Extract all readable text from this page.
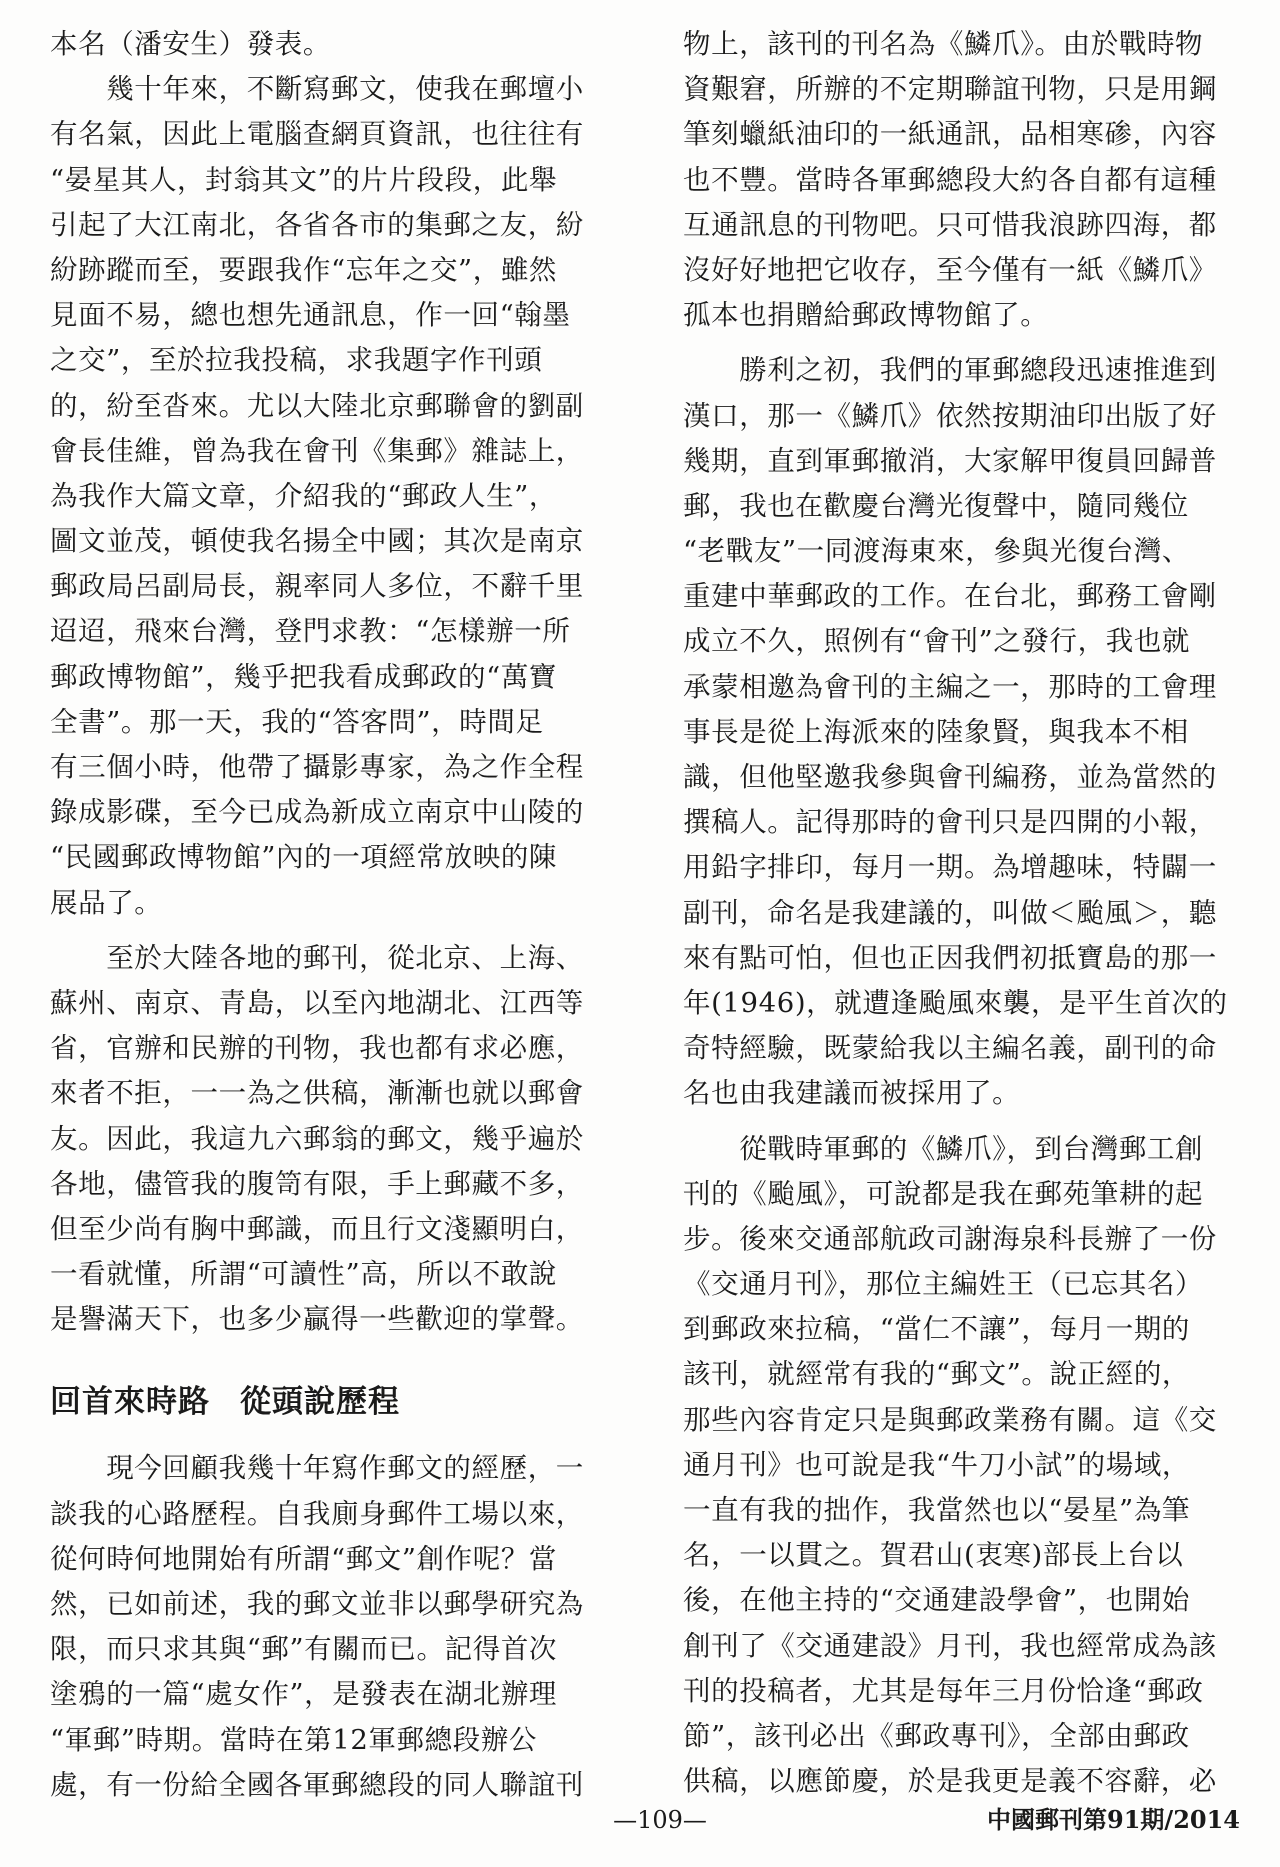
本名（潘安生）發表。
　　幾十年來，不斷寫郵文，使我在郵壇小
有名氣，因此上電腦查網頁資訊，也往往有
“晏星其人，封翁其文”的片片段段，此舉
引起了大江南北，各省各市的集郵之友，紛
紛跡蹤而至，要跟我作“忘年之交”，雖然
見面不易，總也想先通訊息，作一回“翰墨
之交”，至於拉我投稿，求我題字作刊頭
的，紛至沓來。尤以大陸北京郵聯會的劉副
會長佳維，曾為我在會刊《集郵》雜誌上，
為我作大篇文章，介紹我的“郵政人生”，
圖文並茂，頓使我名揚全中國；其次是南京
郵政局呂副局長，親率同人多位，不辭千里
迢迢，飛來台灣，登門求教：“怎樣辦一所
郵政博物館”，幾乎把我看成郵政的“萬寶
全書”。那一天，我的“答客問”，時間足
有三個小時，他帶了攝影專家，為之作全程
錄成影碟，至今已成為新成立南京中山陵的
“民國郵政博物館”內的一項經常放映的陳
展品了。
　　至於大陸各地的郵刊，從北京、上海、
蘇州、南京、青島，以至內地湖北、江西等
省，官辦和民辦的刊物，我也都有求必應，
來者不拒，一一為之供稿，漸漸也就以郵會
友。因此，我這九六郵翁的郵文，幾乎遍於
各地，儘管我的腹笥有限，手上郵藏不多，
但至少尚有胸中郵識，而且行文淺顯明白，
一看就懂，所謂“可讀性”高，所以不敢說
是譽滿天下，也多少贏得一些歡迎的掌聲。
回首來時路 從頭說歷程
　　現今回顧我幾十年寫作郵文的經歷，一
談我的心路歷程。自我廁身郵件工場以來，
從何時何地開始有所謂“郵文”創作呢？當
然，已如前述，我的郵文並非以郵學研究為
限，而只求其與“郵”有關而已。記得首次
塗鴉的一篇“處女作”，是發表在湖北辦理
“軍郵”時期。當時在第12軍郵總段辦公
處，有一份給全國各軍郵總段的同人聯誼刊
物上，該刊的刊名為《鱗爪》。由於戰時物
資艱窘，所辦的不定期聯誼刊物，只是用鋼
筆刻蠟紙油印的一紙通訊，品相寒碜，內容
也不豐。當時各軍郵總段大約各自都有這種
互通訊息的刊物吧。只可惜我浪跡四海，都
沒好好地把它收存，至今僅有一紙《鱗爪》
孤本也捐贈給郵政博物館了。
　　勝利之初，我們的軍郵總段迅速推進到
漢口，那一《鱗爪》依然按期油印出版了好
幾期，直到軍郵撤消，大家解甲復員回歸普
郵，我也在歡慶台灣光復聲中，隨同幾位
“老戰友”一同渡海東來，參與光復台灣、
重建中華郵政的工作。在台北，郵務工會剛
成立不久，照例有“會刊”之發行，我也就
承蒙相邀為會刊的主編之一，那時的工會理
事長是從上海派來的陸象賢，與我本不相
識，但他堅邀我參與會刊編務，並為當然的
撰稿人。記得那時的會刊只是四開的小報，
用鉛字排印，每月一期。為增趣味，特闢一
副刊，命名是我建議的，叫做＜颱風＞，聽
來有點可怕，但也正因我們初抵寶島的那一
年(1946)，就遭逢颱風來襲，是平生首次的
奇特經驗，既蒙給我以主編名義，副刊的命
名也由我建議而被採用了。
　　從戰時軍郵的《鱗爪》，到台灣郵工創
刊的《颱風》，可說都是我在郵苑筆耕的起
步。後來交通部航政司謝海泉科長辦了一份
《交通月刊》，那位主編姓王（已忘其名）
到郵政來拉稿，“當仁不讓”，每月一期的
該刊，就經常有我的“郵文”。說正經的，
那些內容肯定只是與郵政業務有關。這《交
通月刊》也可說是我“牛刀小試”的場域，
一直有我的拙作，我當然也以“晏星”為筆
名，一以貫之。賀君山(衷寒)部長上台以
後，在他主持的“交通建設學會”，也開始
創刊了《交通建設》月刊，我也經常成為該
刊的投稿者，尤其是每年三月份恰逢“郵政
節”，該刊必出《郵政專刊》，全部由郵政
供稿，以應節慶，於是我更是義不容辭，必
—109—	中國郵刊第91期/2014
